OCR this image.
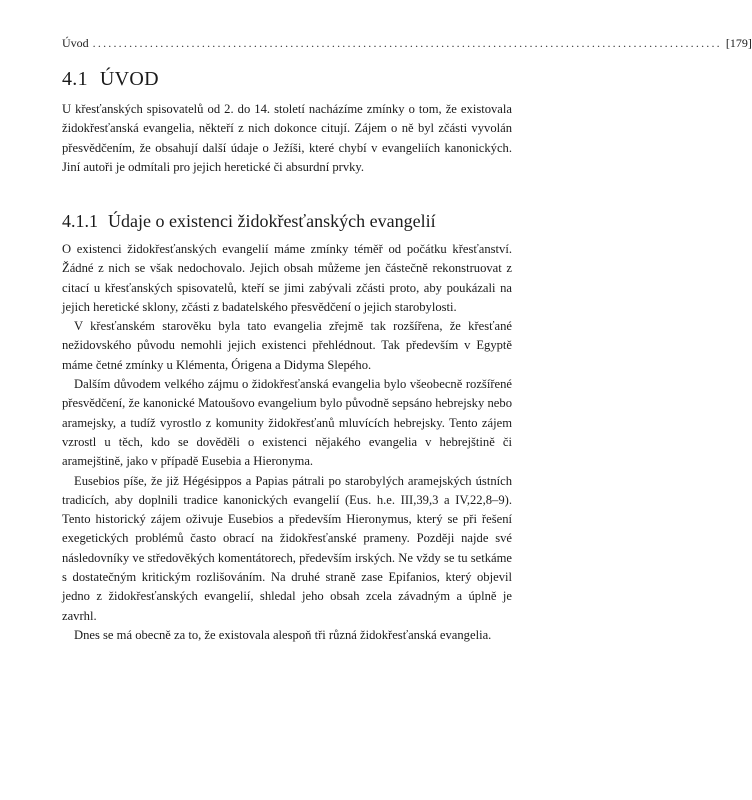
Úvod ......................................................................................................................... [179]
4.1 ÚVOD

U křesťanských spisovatelů od 2. do 14. století nacházíme zmínky o tom, že existovala židokřesťanská evangelia, někteří z nich dokonce citují. Zájem o ně byl zčásti vyvolán přesvědčením, že obsahují další údaje o Ježíši, které chybí v evangeliích kanonických. Jiní autoři je odmítali pro jejich heretické či absurdní prvky.

4.1.1 Údaje o existenci židokřesťanských evangelií

O existenci židokřesťanských evangelií máme zmínky téměř od počátku křesťanství. Žádné z nich se však nedochovalo. Jejich obsah můžeme jen částečně rekonstruovat z citací u křesťanských spisovatelů, kteří se jimi zabývali zčásti proto, aby poukázali na jejich heretické sklony, zčásti z badatelského přesvědčení o jejich starobylosti.

V křesťanském starověku byla tato evangelia zřejmě tak rozšířena, že křesťané nežidovského původu nemohli jejich existenci přehlédnout. Tak především v Egyptě máme četné zmínky u Klémenta, Órigena a Didyma Slepého.

Dalším důvodem velkého zájmu o židokřesťanská evangelia bylo všeobecně rozšířené přesvědčení, že kanonické Matoušovo evangelium bylo původně sepsáno hebrejsky nebo aramejsky, a tudíž vyrostlo z komunity židokřesťanů mluvících hebrejsky. Tento zájem vzrostl u těch, kdo se dověděli o existenci nějakého evangelia v hebrejštině či aramejštině, jako v případě Eusebia a Hieronyma.

Eusebios píše, že již Hégésippos a Papias pátrali po starobylých aramejských ústních tradicích, aby doplnili tradice kanonických evangelií (Eus. h.e. III,39,3 a IV,22,8–9). Tento historický zájem oživuje Eusebios a především Hieronymus, který se při řešení exegetických problémů často obrací na židokřesťanské prameny. Později najde své následovníky ve středověkých komentátorech, především irských. Ne vždy se tu setkáme s dostatečným kritickým rozlišováním. Na druhé straně zase Epifanios, který objevil jedno z židokřesťanských evangelií, shledal jeho obsah zcela závadným a úplně je zavrhl.

Dnes se má obecně za to, že existovala alespoň tři různá židokřesťanská evangelia.
